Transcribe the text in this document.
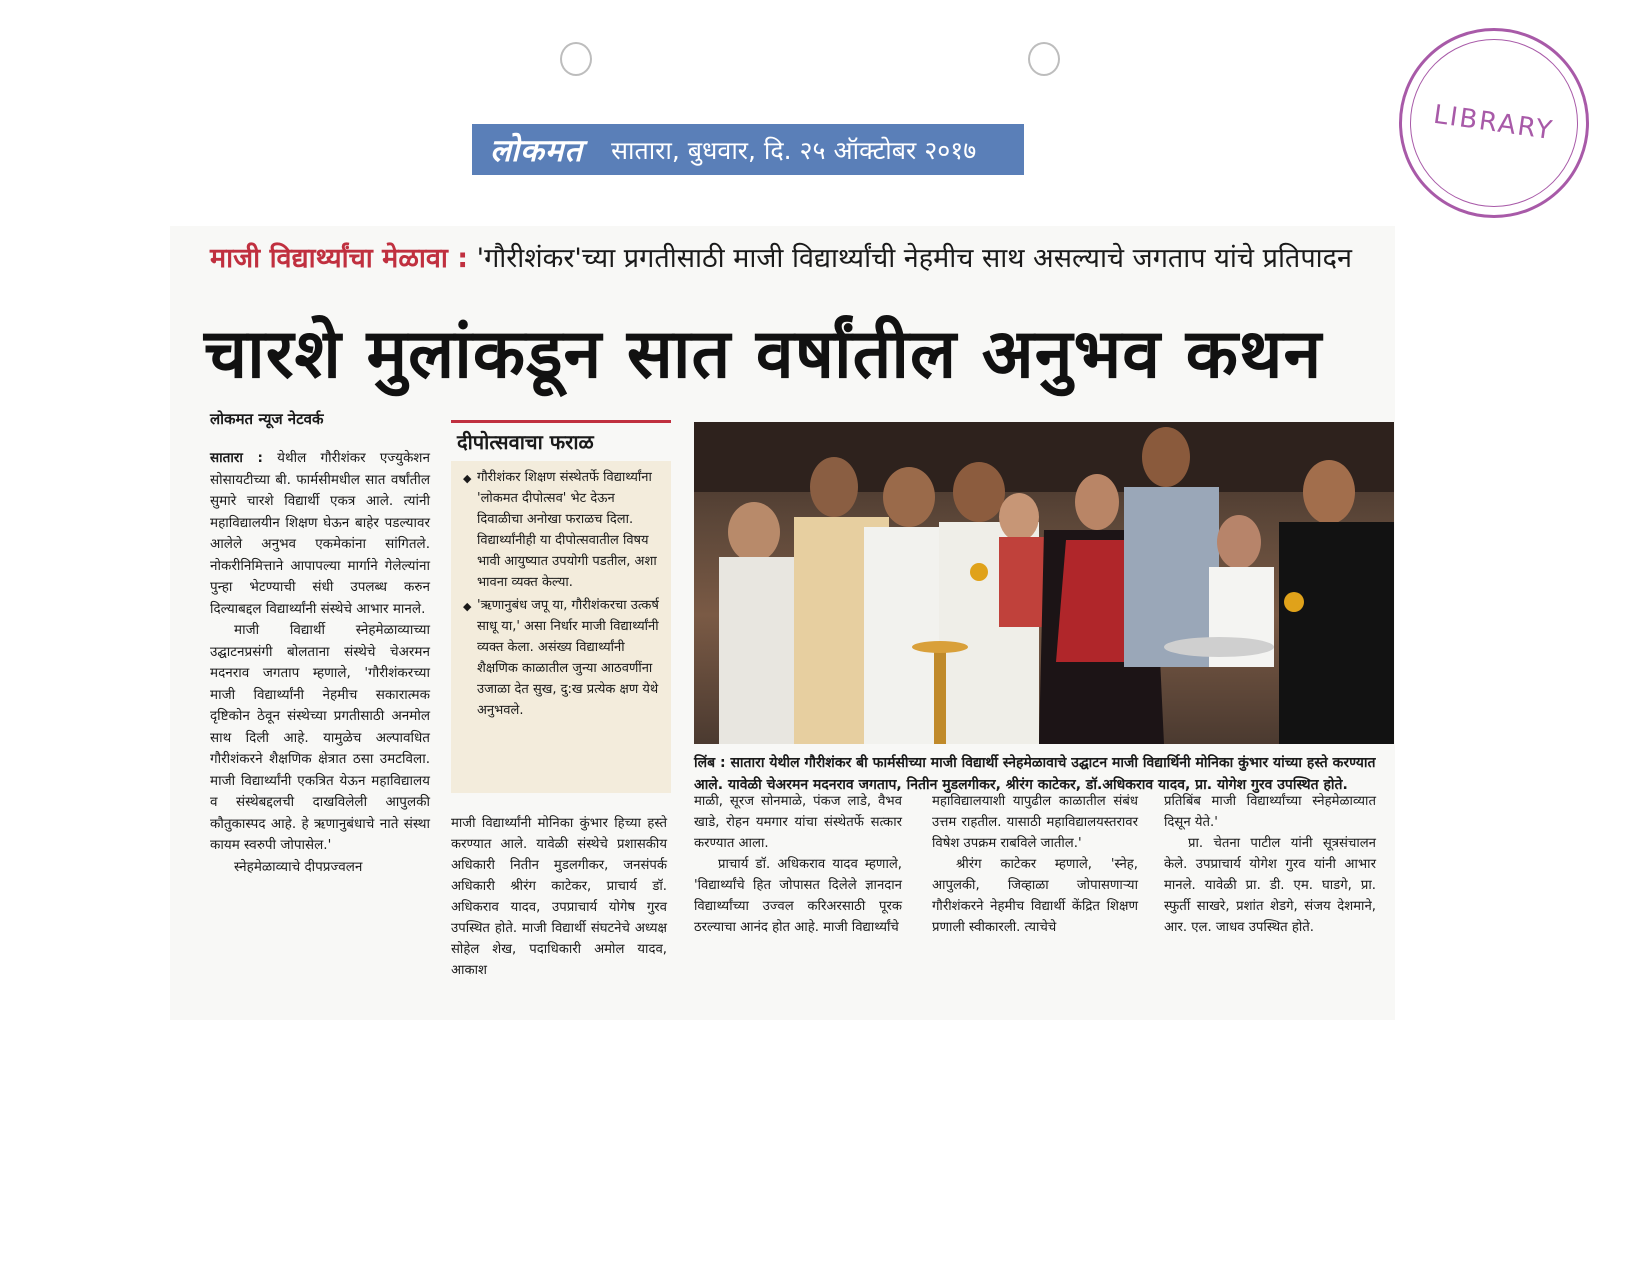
लोकमत	सातारा, बुधवार, दि. २५ ऑक्टोबर २०१७
LIBRARY
माजी विद्यार्थ्यांचा मेळावा : 'गौरीशंकर'च्या प्रगतीसाठी माजी विद्यार्थ्यांची नेहमीच साथ असल्याचे जगताप यांचे प्रतिपादन
चारशे मुलांकडून सात वर्षांतील अनुभव कथन
लोकमत न्यूज नेटवर्क

सातारा : येथील गौरीशंकर एज्युकेशन सोसायटीच्या बी. फार्मसीमधील सात वर्षांतील सुमारे चारशे विद्यार्थी एकत्र आले. त्यांनी महाविद्यालयीन शिक्षण घेऊन बाहेर पडल्यावर आलेले अनुभव एकमेकांना सांगितले. नोकरीनिमित्ताने आपापल्या मार्गाने गेलेल्यांना पुन्हा भेटण्याची संधी उपलब्ध करुन दिल्याबद्दल विद्यार्थ्यांनी संस्थेचे आभार मानले.

माजी विद्यार्थी स्नेहमेळाव्याच्या उद्घाटनप्रसंगी बोलताना संस्थेचे चेअरमन मदनराव जगताप म्हणाले, 'गौरीशंकरच्या माजी विद्यार्थ्यांनी नेहमीच सकारात्मक दृष्टिकोन ठेवून संस्थेच्या प्रगतीसाठी अनमोल साथ दिली आहे. यामुळेच अल्पावधित गौरीशंकरने शैक्षणिक क्षेत्रात ठसा उमटविला. माजी विद्यार्थ्यांनी एकत्रित येऊन महाविद्यालय व संस्थेबद्दलची दाखविलेली आपुलकी कौतुकास्पद आहे. हे ऋणानुबंधाचे नाते संस्था कायम स्वरुपी जोपासेल.'

स्नेहमेळाव्याचे दीपप्रज्वलन

दीपोत्सवाचा फराळ
◆ गौरीशंकर शिक्षण संस्थेतर्फे विद्यार्थ्यांना 'लोकमत दीपोत्सव' भेट देऊन दिवाळीचा अनोखा फराळच दिला. विद्यार्थ्यांनीही या दीपोत्सवातील विषय भावी आयुष्यात उपयोगी पडतील, अशा भावना व्यक्त केल्या.
◆ 'ऋणानुबंध जपू या, गौरीशंकरचा उत्कर्ष साधू या,' असा निर्धार माजी विद्यार्थ्यांनी व्यक्त केला. असंख्य विद्यार्थ्यांनी शैक्षणिक काळातील जुन्या आठवणींना उजाळा देत सुख, दु:ख प्रत्येक क्षण येथे अनुभवले.
माजी विद्यार्थ्यांनी मोनिका कुंभार हिच्या हस्ते करण्यात आले. यावेळी संस्थेचे प्रशासकीय अधिकारी नितीन मुडलगीकर, जनसंपर्क अधिकारी श्रीरंग काटेकर, प्राचार्य डॉ. अधिकराव यादव, उपप्राचार्य योगेष गुरव उपस्थित होते. माजी विद्यार्थी संघटनेचे अध्यक्ष सोहेल शेख, पदाधिकारी अमोल यादव, आकाश
लिंब : सातारा येथील गौरीशंकर बी फार्मसीच्या माजी विद्यार्थी स्नेहमेळावाचे उद्घाटन माजी विद्यार्थिनी मोनिका कुंभार यांच्या हस्ते करण्यात आले. यावेळी चेअरमन मदनराव जगताप, नितीन मुडलगीकर, श्रीरंग काटेकर, डॉ.अधिकराव यादव, प्रा. योगेश गुरव उपस्थित होते.

माळी, सूरज सोनमाळे, पंकज लाडे, वैभव खाडे, रोहन यमगार यांचा संस्थेतर्फे सत्कार करण्यात आला.

प्राचार्य डॉ. अधिकराव यादव म्हणाले, 'विद्यार्थ्यांचे हित जोपासत दिलेले ज्ञानदान विद्यार्थ्यांच्या उज्वल करिअरसाठी पूरक ठरल्याचा आनंद होत आहे. माजी विद्यार्थ्यांचे

महाविद्यालयाशी यापुढील काळातील संबंध उत्तम राहतील. यासाठी महाविद्यालयस्तरावर विषेश उपक्रम राबविले जातील.'

श्रीरंग काटेकर म्हणाले, 'स्नेह, आपुलकी, जिव्हाळा जोपासणाऱ्या गौरीशंकरने नेहमीच विद्यार्थी केंद्रित शिक्षण प्रणाली स्वीकारली. त्याचेचे

प्रतिबिंब माजी विद्यार्थ्यांच्या स्नेहमेळाव्यात दिसून येते.'

प्रा. चेतना पाटील यांनी सूत्रसंचालन केले. उपप्राचार्य योगेश गुरव यांनी आभार मानले. यावेळी प्रा. डी. एम. घाडगे, प्रा. स्फुर्ती साखरे, प्रशांत शेडगे, संजय देशमाने, आर. एल. जाधव उपस्थित होते.
